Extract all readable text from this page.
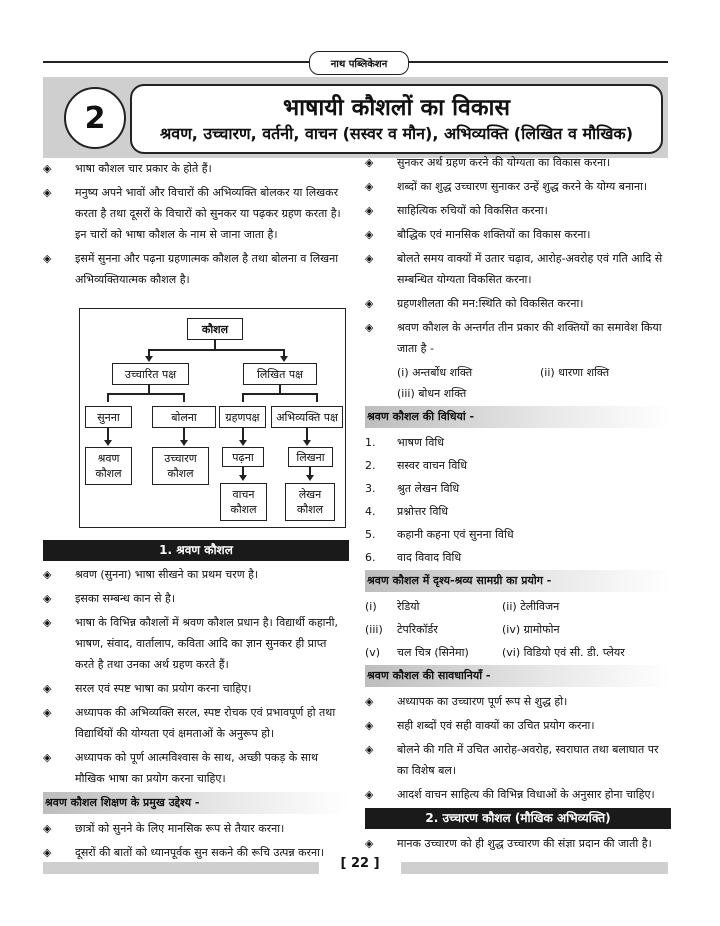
नाथ पब्लिकेशन
2	भाषायी कौशलों का विकास
श्रवण, उच्चारण, वर्तनी, वाचन (सस्वर व मौन), अभिव्यक्ति (लिखित व मौखिक)
◈ भाषा कौशल चार प्रकार के होते हैं।
◈ मनुष्य अपने भावों और विचारों की अभिव्यक्ति बोलकर या लिखकर करता है तथा दूसरों के विचारों को सुनकर या पढ़कर ग्रहण करता है। इन चारों को भाषा कौशल के नाम से जाना जाता है।
◈ इसमें सुनना और पढ़ना ग्रहणात्मक कौशल है तथा बोलना व लिखना अभिव्यक्तियात्मक कौशल है।
कौशल
उच्चारित पक्ष	लिखित पक्ष
सुनना	बोलना	ग्रहणपक्ष	अभिव्यक्ति पक्ष
श्रवण कौशल
उच्चारण कौशल
पढ़ना	लिखना
वाचन कौशल
लेखन कौशल
1. श्रवण कौशल
◈ श्रवण (सुनना) भाषा सीखने का प्रथम चरण है।
◈ इसका सम्बन्ध कान से है।
◈ भाषा के विभिन्न कौशलों में श्रवण कौशल प्रधान है। विद्यार्थी कहानी, भाषण, संवाद, वार्तालाप, कविता आदि का ज्ञान सुनकर ही प्राप्त करते है तथा उनका अर्थ ग्रहण करते हैं।
◈ सरल एवं स्पष्ट भाषा का प्रयोग करना चाहिए।
◈ अध्यापक की अभिव्यक्ति सरल, स्पष्ट रोचक एवं प्रभावपूर्ण हो तथा विद्यार्थियों की योग्यता एवं क्षमताओं के अनुरूप हो।
◈ अध्यापक को पूर्ण आत्मविश्वास के साथ, अच्छी पकड़ के साथ मौखिक भाषा का प्रयोग करना चाहिए।
श्रवण कौशल शिक्षण के प्रमुख उद्देश्य -
◈ छात्रों को सुनने के लिए मानसिक रूप से तैयार करना।
◈ दूसरों की बातों को ध्यानपूर्वक सुन सकने की रूचि उत्पन्न करना।
◈ सुनकर अर्थ ग्रहण करने की योग्यता का विकास करना।
◈ शब्दों का शुद्ध उच्चारण सुनाकर उन्हें शुद्ध करने के योग्य बनाना।
◈ साहित्यिक रुचियों को विकसित करना।
◈ बौद्धिक एवं मानसिक शक्तियों का विकास करना।
◈ बोलते समय वाक्यों में उतार चढ़ाव, आरोह-अवरोह एवं गति आदि से सम्बन्धित योग्यता विकसित करना।
◈ ग्रहणशीलता की मन:स्थिति को विकसित करना।
◈ श्रवण कौशल के अन्तर्गत तीन प्रकार की शक्तियों का समावेश किया जाता है -
(i) अन्तर्बोध शक्ति	(ii) धारणा शक्ति
(iii) बोधन शक्ति
श्रवण कौशल की विधियां -
1. भाषण विधि
2. सस्वर वाचन विधि
3. श्रुत लेखन विधि
4. प्रश्नोत्तर विधि
5. कहानी कहना एवं सुनना विधि
6. वाद विवाद विधि
श्रवण कौशल में दृश्य-श्रव्य सामग्री का प्रयोग -
(i) रेडियो	(ii) टेलीविजन
(iii) टेपरिकॉर्डर	(iv) ग्रामोफोन
(v) चल चित्र (सिनेमा)	(vi) विडियो एवं सी. डी. प्लेयर
श्रवण कौशल की सावधानियाँ -
◈ अध्यापक का उच्चारण पूर्ण रूप से शुद्ध हो।
◈ सही शब्दों एवं सही वाक्यों का उचित प्रयोग करना।
◈ बोलने की गति में उचित आरोह-अवरोह, स्वराघात तथा बलाघात पर का विशेष बल।
◈ आदर्श वाचन साहित्य की विभिन्न विधाओं के अनुसार होना चाहिए।
2. उच्चारण कौशल (मौखिक अभिव्यक्ति)
◈ मानक उच्चारण को ही शुद्ध उच्चारण की संज्ञा प्रदान की जाती है।
[ 22 ]
